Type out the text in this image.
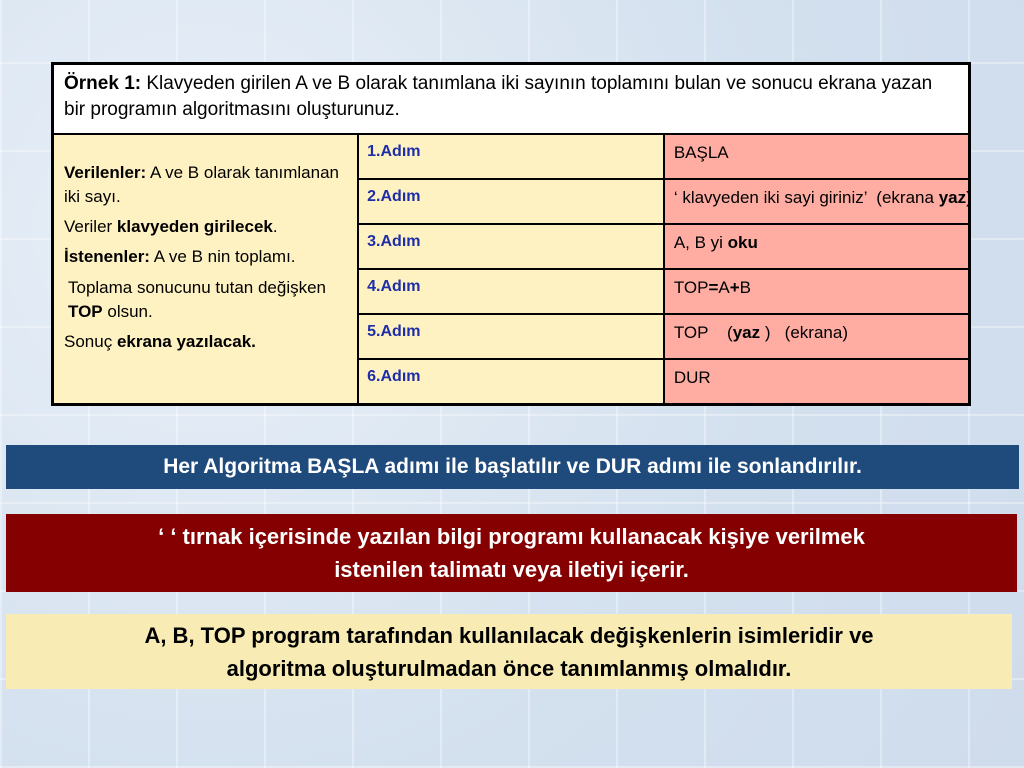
Örnek 1: Klavyeden girilen A ve B olarak tanımlana iki sayının toplamını bulan ve sonucu ekrana yazan bir programın algoritmasını oluşturunuz.		

Verilenler: A ve B olarak tanımlanan iki sayı.

Veriler klavyeden girilecek.

İstenenler: A ve B nin toplamı.

Toplama sonucunu tutan değişken TOP olsun.

Sonuç ekrana yazılacak.	1.Adım	BAŞLA
	2.Adım	‘ klavyeden iki sayi giriniz’  (ekrana yaz)
	3.Adım	A, B yi oku
	4.Adım	TOP=A+B
	5.Adım	TOP    (yaz )   (ekrana)
	6.Adım	DUR
Her Algoritma BAŞLA adımı ile başlatılır ve DUR adımı ile sonlandırılır.
‘ ‘ tırnak içerisinde yazılan bilgi programı kullanacak kişiye verilmek
istenilen talimatı veya iletiyi içerir.
A, B, TOP program tarafından kullanılacak değişkenlerin isimleridir ve
algoritma oluşturulmadan önce tanımlanmış olmalıdır.
